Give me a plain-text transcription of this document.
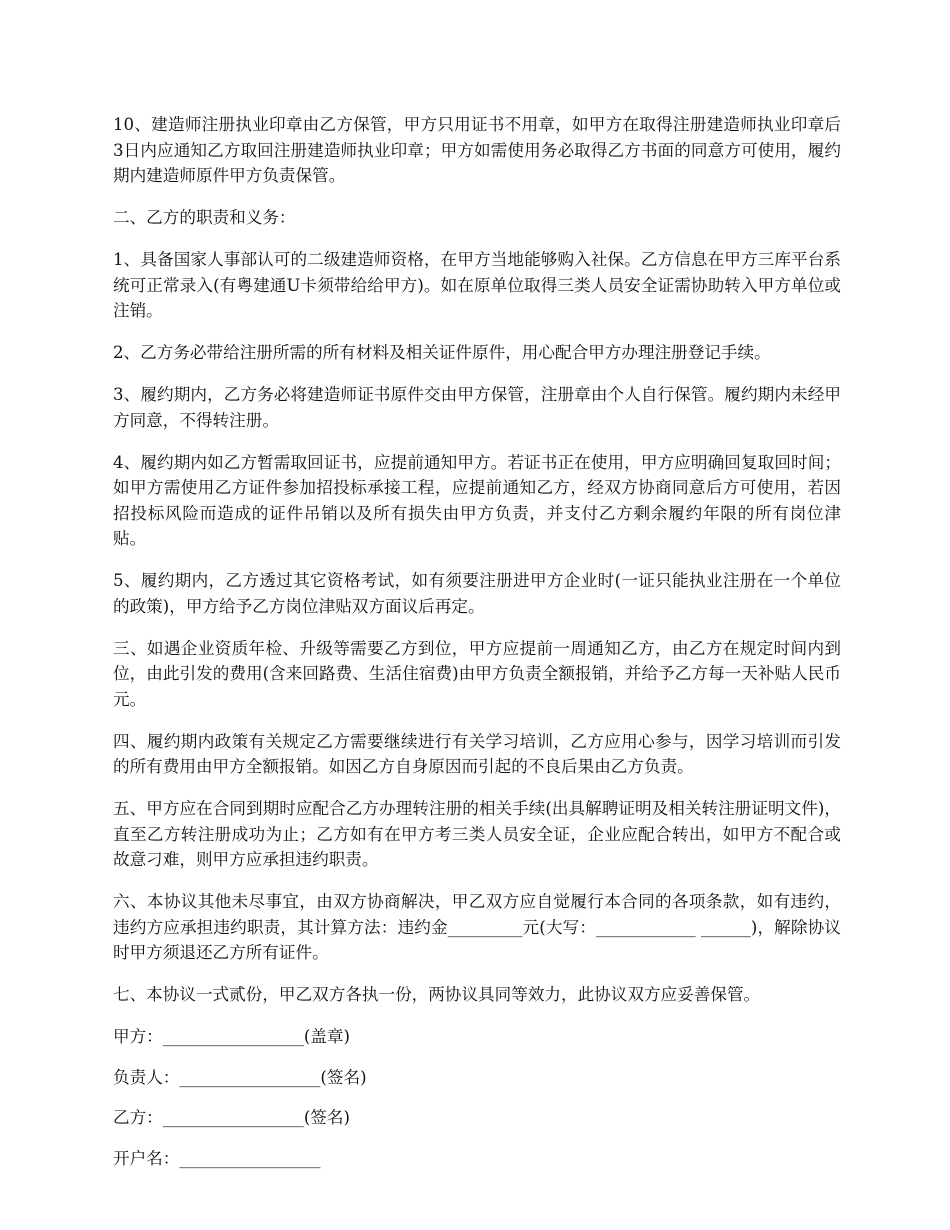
10、建造师注册执业印章由乙方保管，甲方只用证书不用章，如甲方在取得注册建造师执业印章后3日内应通知乙方取回注册建造师执业印章；甲方如需使用务必取得乙方书面的同意方可使用，履约期内建造师原件甲方负责保管。

二、乙方的职责和义务：

1、具备国家人事部认可的二级建造师资格，在甲方当地能够购入社保。乙方信息在甲方三库平台系统可正常录入(有粤建通U卡须带给给甲方)。如在原单位取得三类人员安全证需协助转入甲方单位或注销。

2、乙方务必带给注册所需的所有材料及相关证件原件，用心配合甲方办理注册登记手续。

3、履约期内，乙方务必将建造师证书原件交由甲方保管，注册章由个人自行保管。履约期内未经甲方同意，不得转注册。

4、履约期内如乙方暂需取回证书，应提前通知甲方。若证书正在使用，甲方应明确回复取回时间；如甲方需使用乙方证件参加招投标承接工程，应提前通知乙方，经双方协商同意后方可使用，若因招投标风险而造成的证件吊销以及所有损失由甲方负责，并支付乙方剩余履约年限的所有岗位津贴。

5、履约期内，乙方透过其它资格考试，如有须要注册进甲方企业时(一证只能执业注册在一个单位的政策)，甲方给予乙方岗位津贴双方面议后再定。

三、如遇企业资质年检、升级等需要乙方到位，甲方应提前一周通知乙方，由乙方在规定时间内到位，由此引发的费用(含来回路费、生活住宿费)由甲方负责全额报销，并给予乙方每一天补贴人民币元。

四、履约期内政策有关规定乙方需要继续进行有关学习培训，乙方应用心参与，因学习培训而引发的所有费用由甲方全额报销。如因乙方自身原因而引起的不良后果由乙方负责。

五、甲方应在合同到期时应配合乙方办理转注册的相关手续(出具解聘证明及相关转注册证明文件)，直至乙方转注册成功为止；乙方如有在甲方考三类人员安全证，企业应配合转出，如甲方不配合或故意刁难，则甲方应承担违约职责。

六、本协议其他未尽事宜，由双方协商解决，甲乙双方应自觉履行本合同的各项条款，如有违约，违约方应承担违约职责，其计算方法：违约金_________元(大写：____________ ______)，解除协议时甲方须退还乙方所有证件。

七、本协议一式贰份，甲乙双方各执一份，两协议具同等效力，此协议双方应妥善保管。

甲方：_________________(盖章)
负责人：_________________(签名)
乙方：_________________(签名)
开户名：_________________
